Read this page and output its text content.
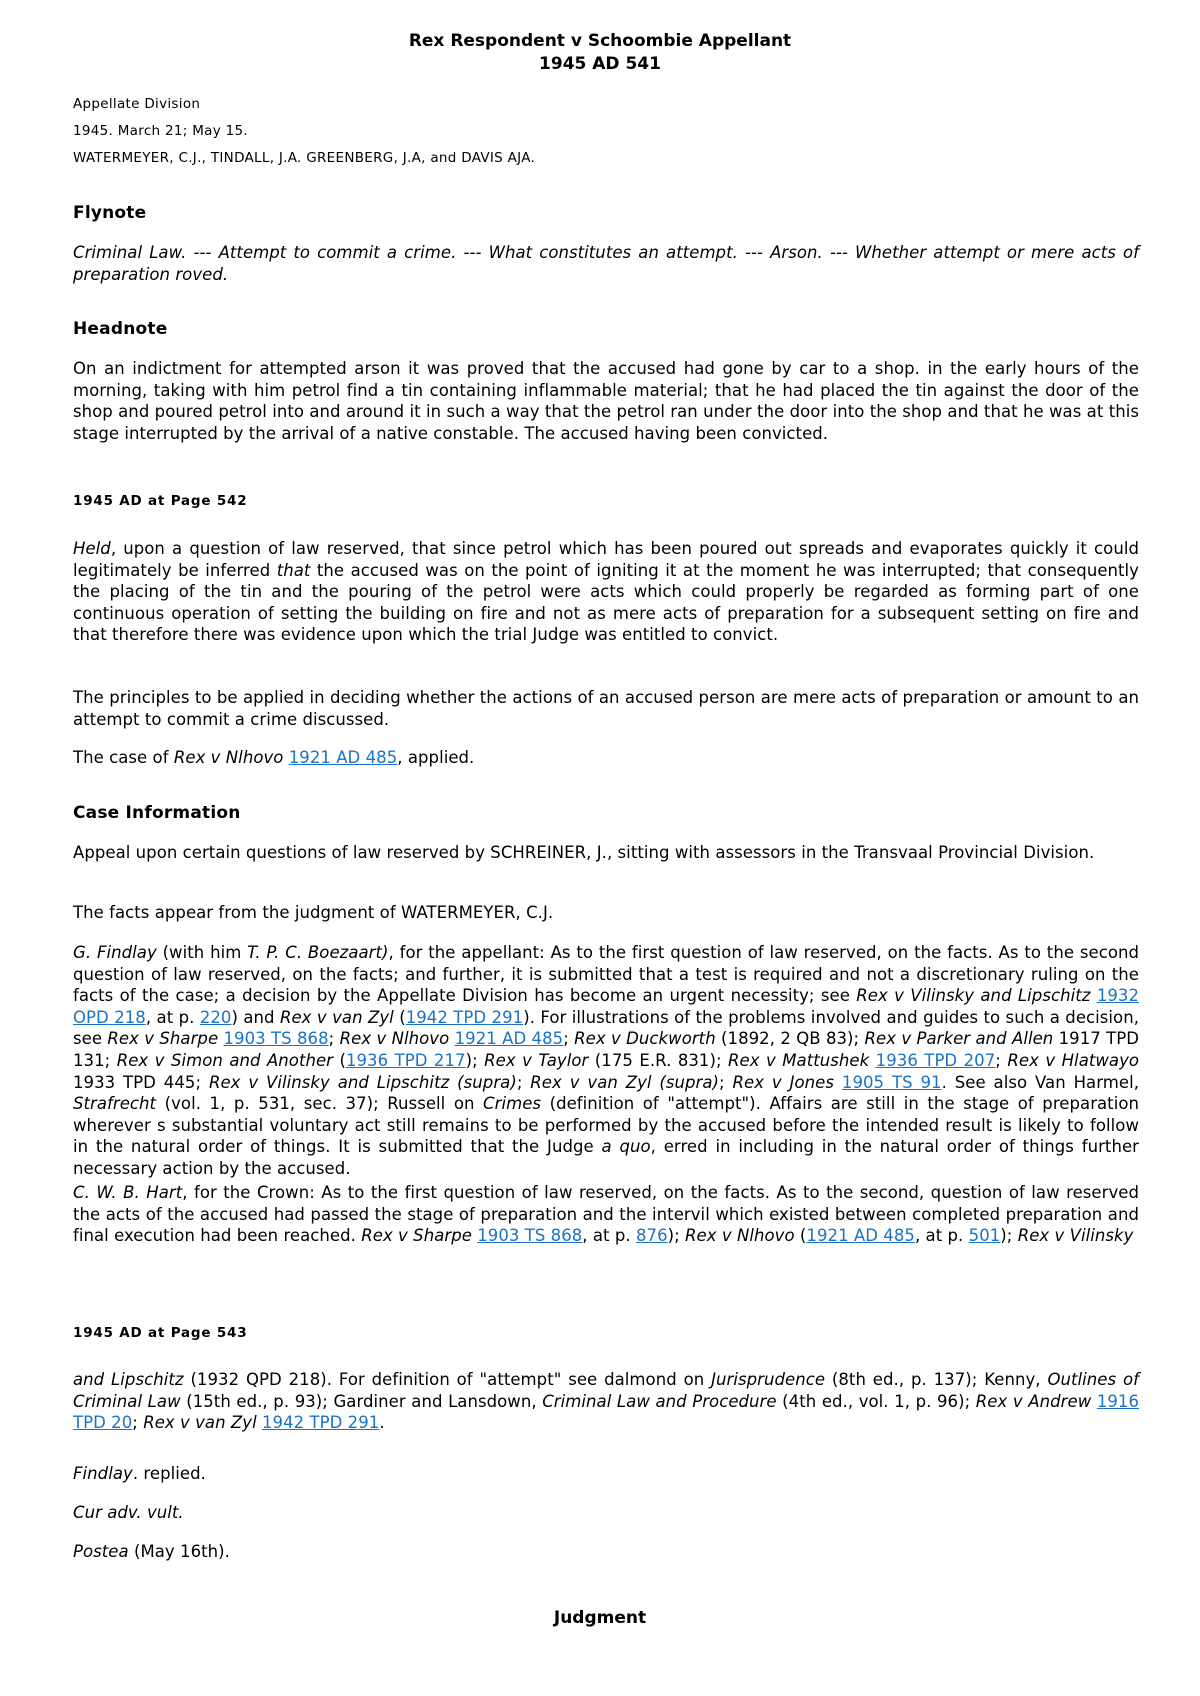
Rex Respondent v Schoombie Appellant
1945 AD 541

Appellate Division

1945. March 21; May 15.

WATERMEYER, C.J., TINDALL, J.A. GREENBERG, J.A, and DAVIS AJA.

Flynote

Criminal Law. --- Attempt to commit a crime. --- What constitutes an attempt. --- Arson. --- Whether attempt or mere acts of preparation roved.

Headnote

On an indictment for attempted arson it was proved that the accused had gone by car to a shop. in the early hours of the morning, taking with him petrol find a tin containing inflammable material; that he had placed the tin against the door of the shop and poured petrol into and around it in such a way that the petrol ran under the door into the shop and that he was at this stage interrupted by the arrival of a native constable. The accused having been convicted.

1945 AD at Page 542

Held, upon a question of law reserved, that since petrol which has been poured out spreads and evaporates quickly it could legitimately be inferred that the accused was on the point of igniting it at the moment he was interrupted; that consequently the placing of the tin and the pouring of the petrol were acts which could properly be regarded as forming part of one continuous operation of setting the building on fire and not as mere acts of preparation for a subsequent setting on fire and that therefore there was evidence upon which the trial Judge was entitled to convict.

The principles to be applied in deciding whether the actions of an accused person are mere acts of preparation or amount to an attempt to commit a crime discussed.

The case of Rex v Nlhovo 1921 AD 485, applied.

Case Information

Appeal upon certain questions of law reserved by SCHREINER, J., sitting with assessors in the Transvaal Provincial Division.

The facts appear from the judgment of WATERMEYER, C.J.

G. Findlay (with him T. P. C. Boezaart), for the appellant: As to the first question of law reserved, on the facts. As to the second question of law reserved, on the facts; and further, it is submitted that a test is required and not a discretionary ruling on the facts of the case; a decision by the Appellate Division has become an urgent necessity; see Rex v Vilinsky and Lipschitz 1932 OPD 218, at p. 220) and Rex v van Zyl (1942 TPD 291). For illustrations of the problems involved and guides to such a decision, see Rex v Sharpe 1903 TS 868; Rex v Nlhovo 1921 AD 485; Rex v Duckworth (1892, 2 QB 83); Rex v Parker and Allen 1917 TPD 131; Rex v Simon and Another (1936 TPD 217); Rex v Taylor (175 E.R. 831); Rex v Mattushek 1936 TPD 207; Rex v Hlatwayo 1933 TPD 445; Rex v Vilinsky and Lipschitz (supra); Rex v van Zyl (supra); Rex v Jones 1905 TS 91. See also Van Harmel, Strafrecht (vol. 1, p. 531, sec. 37); Russell on Crimes (definition of "attempt"). Affairs are still in the stage of preparation wherever s substantial voluntary act still remains to be performed by the accused before the intended result is likely to follow in the natural order of things. It is submitted that the Judge a quo, erred in including in the natural order of things further necessary action by the accused.

C. W. B. Hart, for the Crown: As to the first question of law reserved, on the facts. As to the second, question of law reserved the acts of the accused had passed the stage of preparation and the intervil which existed between completed preparation and final execution had been reached. Rex v Sharpe 1903 TS 868, at p. 876); Rex v Nlhovo (1921 AD 485, at p. 501); Rex v Vilinsky

1945 AD at Page 543

and Lipschitz (1932 QPD 218). For definition of "attempt" see dalmond on Jurisprudence (8th ed., p. 137); Kenny, Outlines of Criminal Law (15th ed., p. 93); Gardiner and Lansdown, Criminal Law and Procedure (4th ed., vol. 1, p. 96); Rex v Andrew 1916 TPD 20; Rex v van Zyl 1942 TPD 291.

Findlay. replied.

Cur adv. vult.

Postea (May 16th).

Judgment
